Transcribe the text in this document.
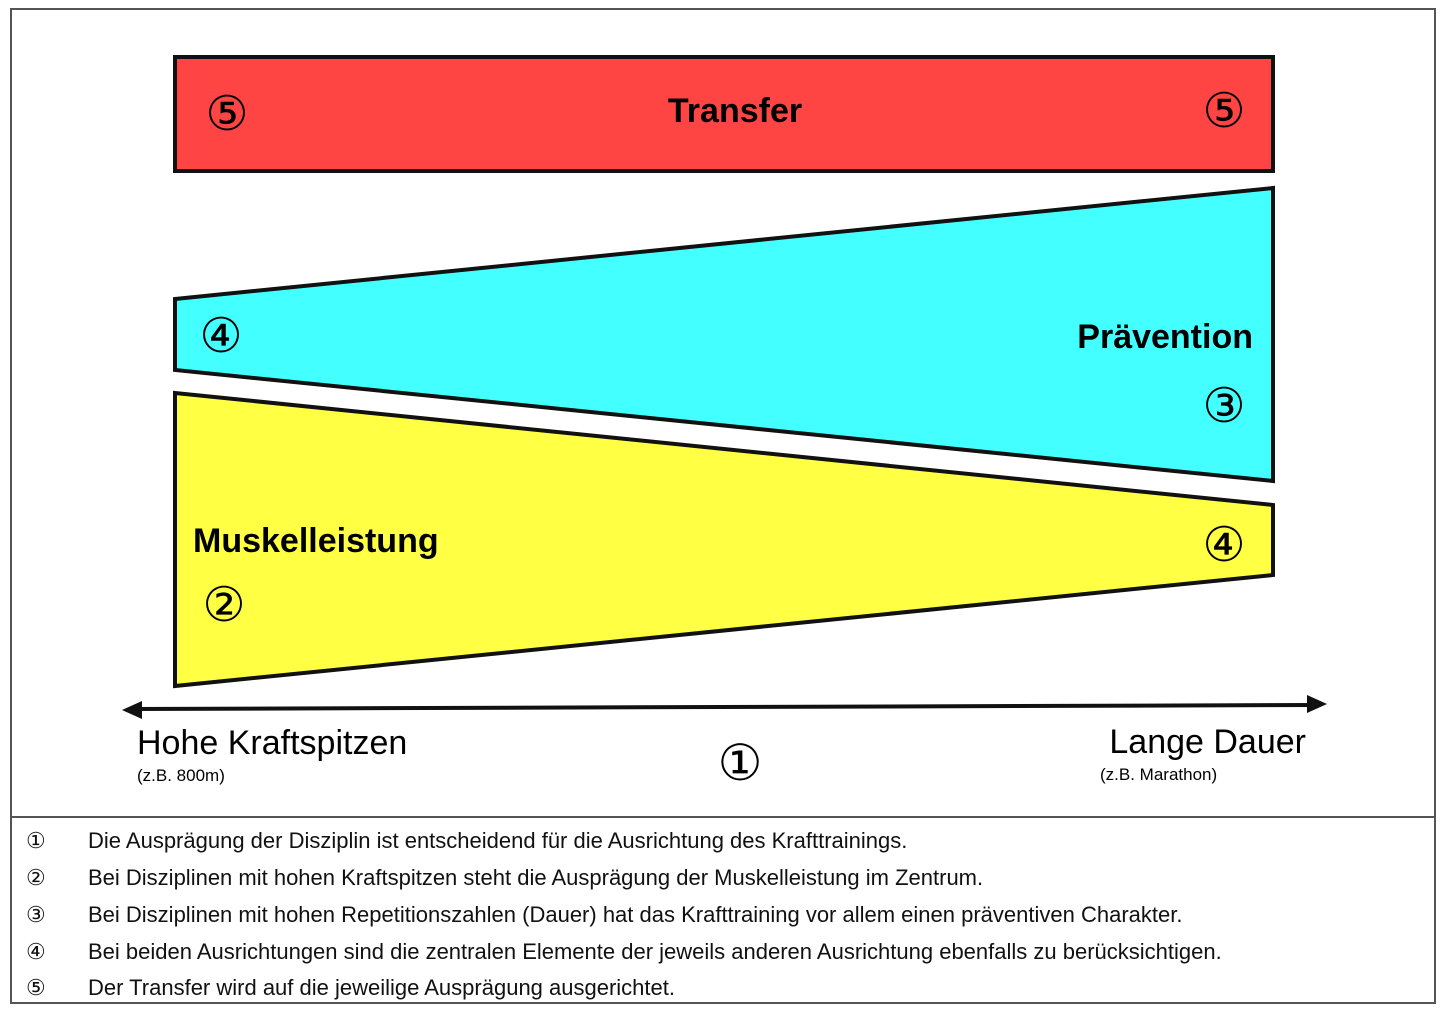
Transfer
⑤	⑤
Prävention
④
③
Muskelleistung
②
④
Hohe Kraftspitzen
(z.B. 800m)	①	Lange Dauer
(z.B. Marathon)
① Die Ausprägung der Disziplin ist entscheidend für die Ausrichtung des Krafttrainings.
② Bei Disziplinen mit hohen Kraftspitzen steht die Ausprägung der Muskelleistung im Zentrum.
③ Bei Disziplinen mit hohen Repetitionszahlen (Dauer) hat das Krafttraining vor allem einen präventiven Charakter.
④ Bei beiden Ausrichtungen sind die zentralen Elemente der jeweils anderen Ausrichtung ebenfalls zu berücksichtigen.
⑤ Der Transfer wird auf die jeweilige Ausprägung ausgerichtet.
